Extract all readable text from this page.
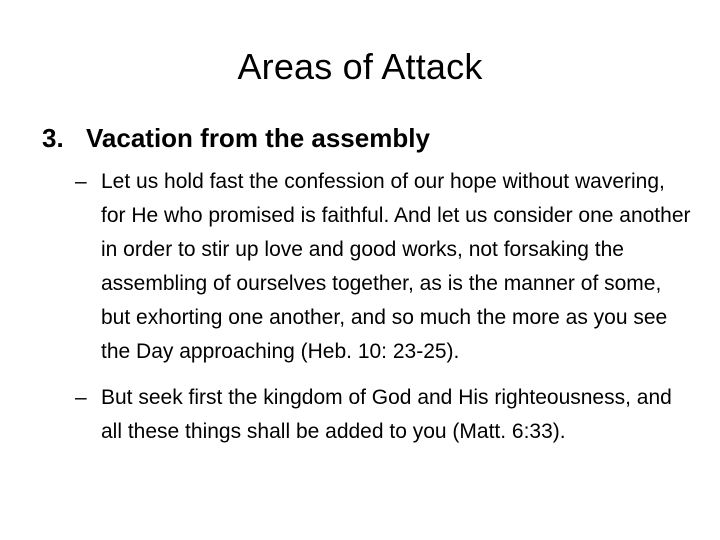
Areas of Attack

3. Vacation from the assembly

– Let us hold fast the confession of our hope without wavering, for He who promised is faithful. And let us consider one another in order to stir up love and good works, not forsaking the assembling of ourselves together, as is the manner of some, but exhorting one another, and so much the more as you see the Day approaching (Heb. 10: 23-25).
– But seek first the kingdom of God and His righteousness, and all these things shall be added to you (Matt. 6:33).
